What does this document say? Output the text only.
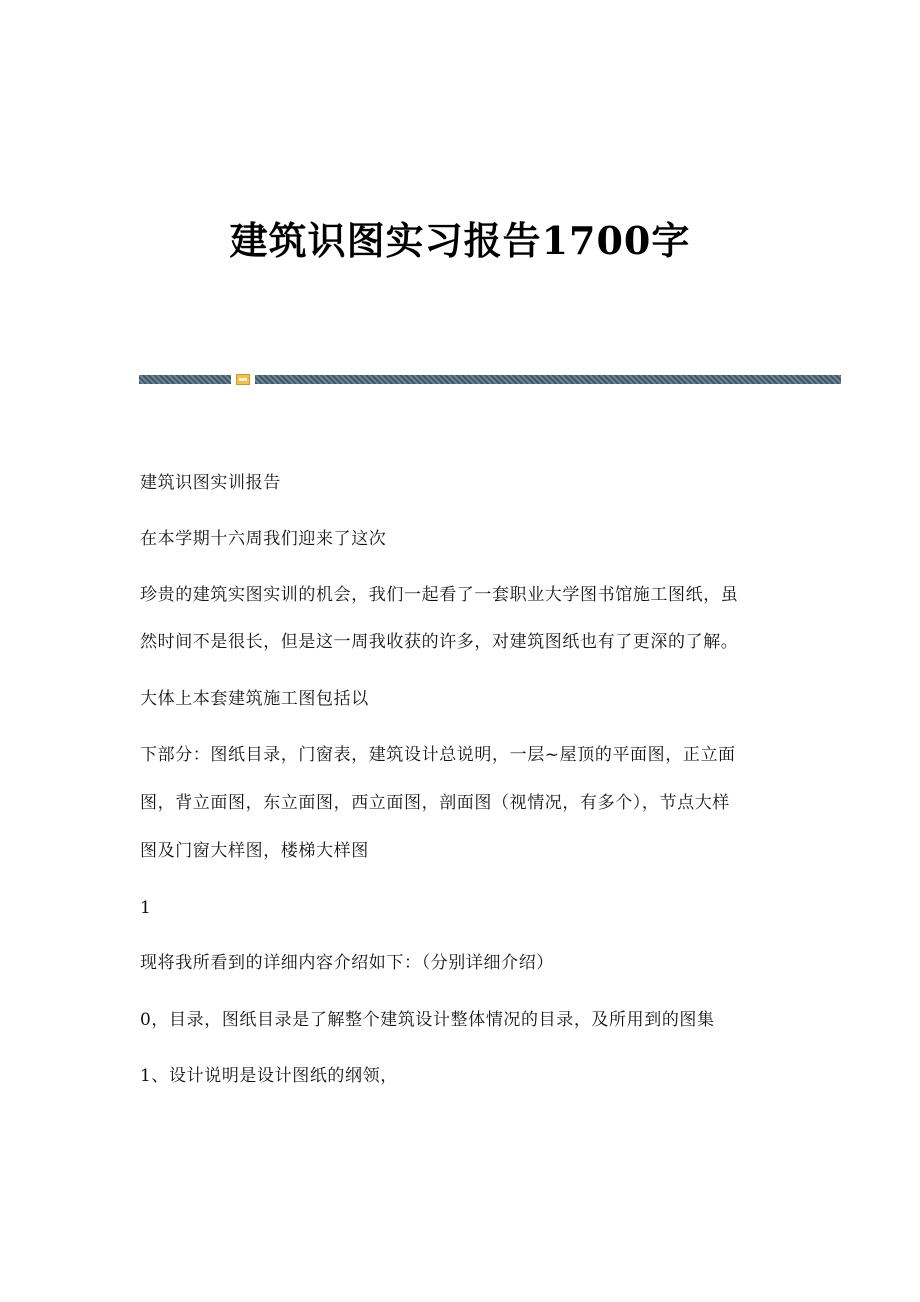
建筑识图实习报告1700字

建筑识图实训报告

在本学期十六周我们迎来了这次

珍贵的建筑实图实训的机会，我们一起看了一套职业大学图书馆施工图纸，虽

然时间不是很长，但是这一周我收获的许多，对建筑图纸也有了更深的了解。

大体上本套建筑施工图包括以

下部分：图纸目录，门窗表，建筑设计总说明，一层~屋顶的平面图，正立面

图，背立面图，东立面图，西立面图，剖面图（视情况，有多个），节点大样

图及门窗大样图，楼梯大样图

1

现将我所看到的详细内容介绍如下：（分别详细介绍）

0，目录，图纸目录是了解整个建筑设计整体情况的目录，及所用到的图集

1、设计说明是设计图纸的纲领，
